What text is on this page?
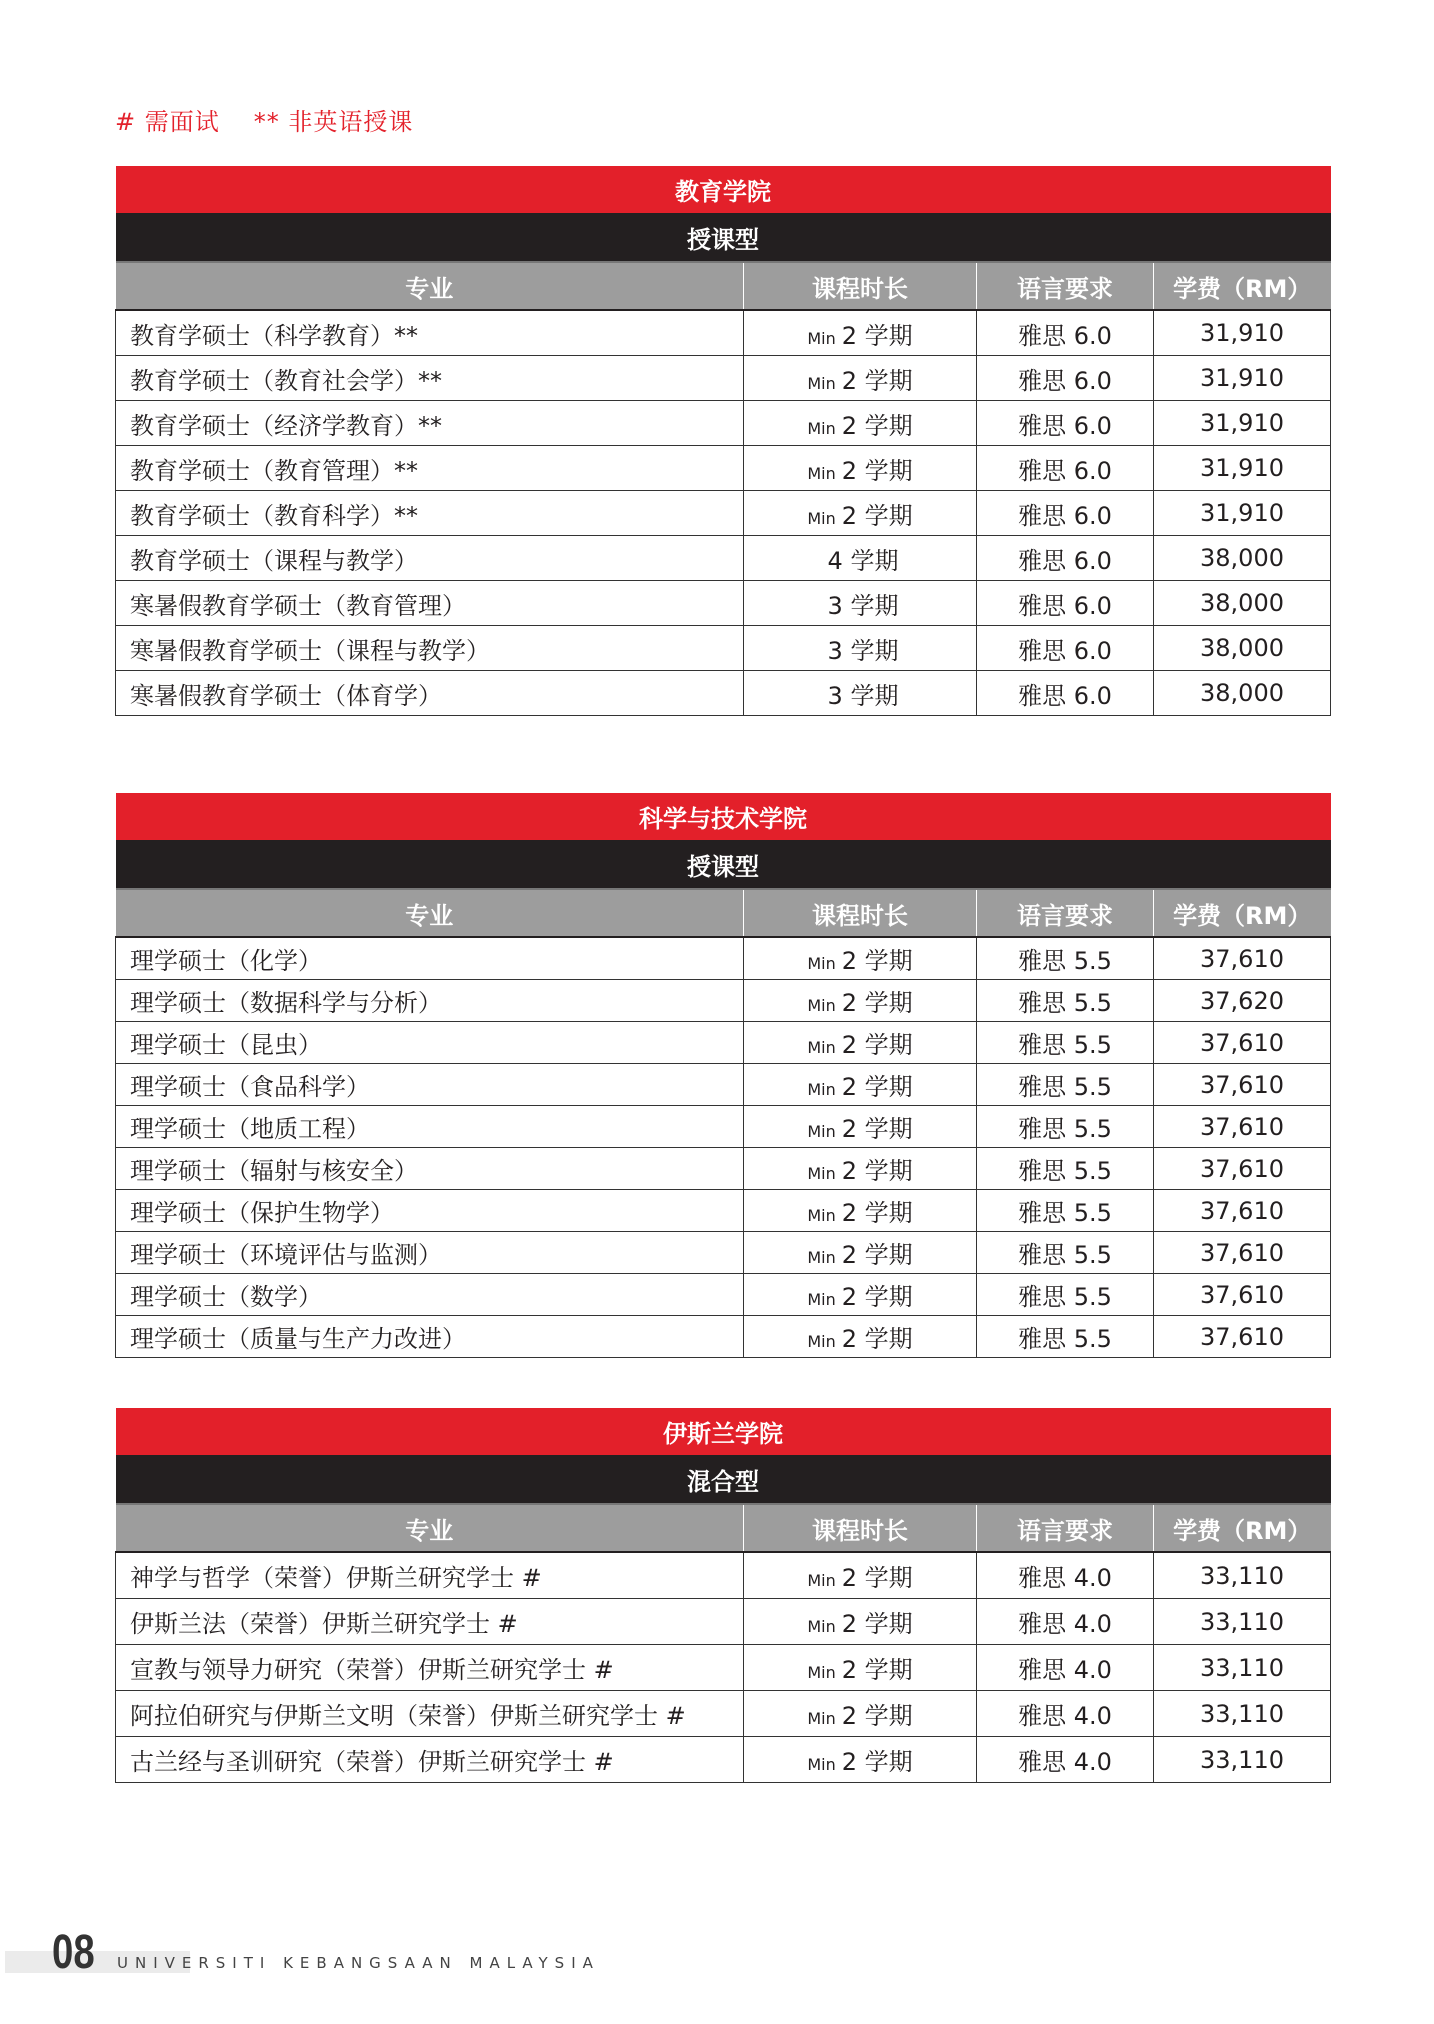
# 需面试 ** 非英语授课
教育学院			
授课型			
专业	课程时长	语言要求	学费（RM）
教育学硕士（科学教育）**	Min 2 学期	雅思 6.0	31,910
教育学硕士（教育社会学）**	Min 2 学期	雅思 6.0	31,910
教育学硕士（经济学教育）**	Min 2 学期	雅思 6.0	31,910
教育学硕士（教育管理）**	Min 2 学期	雅思 6.0	31,910
教育学硕士（教育科学）**	Min 2 学期	雅思 6.0	31,910
教育学硕士（课程与教学）	4 学期	雅思 6.0	38,000
寒暑假教育学硕士（教育管理）	3 学期	雅思 6.0	38,000
寒暑假教育学硕士（课程与教学）	3 学期	雅思 6.0	38,000
寒暑假教育学硕士（体育学）	3 学期	雅思 6.0	38,000
科学与技术学院			
授课型			
专业	课程时长	语言要求	学费（RM）
理学硕士（化学）	Min 2 学期	雅思 5.5	37,610
理学硕士（数据科学与分析）	Min 2 学期	雅思 5.5	37,620
理学硕士（昆虫）	Min 2 学期	雅思 5.5	37,610
理学硕士（食品科学）	Min 2 学期	雅思 5.5	37,610
理学硕士（地质工程）	Min 2 学期	雅思 5.5	37,610
理学硕士（辐射与核安全）	Min 2 学期	雅思 5.5	37,610
理学硕士（保护生物学）	Min 2 学期	雅思 5.5	37,610
理学硕士（环境评估与监测）	Min 2 学期	雅思 5.5	37,610
理学硕士（数学）	Min 2 学期	雅思 5.5	37,610
理学硕士（质量与生产力改进）	Min 2 学期	雅思 5.5	37,610
伊斯兰学院			
混合型			
专业	课程时长	语言要求	学费（RM）
神学与哲学（荣誉）伊斯兰研究学士 #	Min 2 学期	雅思 4.0	33,110
伊斯兰法（荣誉）伊斯兰研究学士 #	Min 2 学期	雅思 4.0	33,110
宣教与领导力研究（荣誉）伊斯兰研究学士 #	Min 2 学期	雅思 4.0	33,110
阿拉伯研究与伊斯兰文明（荣誉）伊斯兰研究学士 #	Min 2 学期	雅思 4.0	33,110
古兰经与圣训研究（荣誉）伊斯兰研究学士 #	Min 2 学期	雅思 4.0	33,110
08 UNIVERSITI KEBANGSAAN MALAYSIA
